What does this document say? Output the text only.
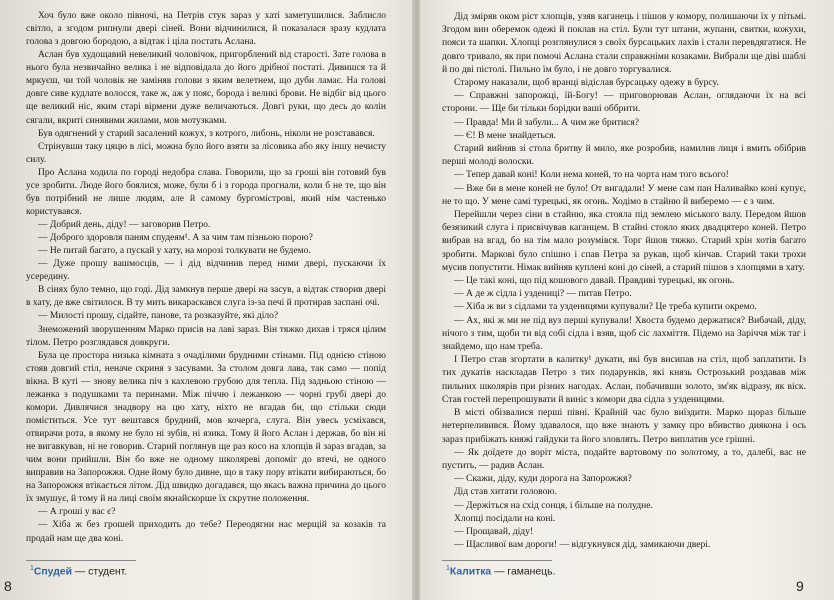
Хоч було вже около півночі, на Петрів стук зараз у хаті заметушилися. Заблисло світло, а згодом рипнули двері сіней. Вони відчинилися, й показалася зразу кудлата голова з довгою бородою, а відтак і ціла постать Аслана.

Аслан був худощавий невеликий чоловічок, пригорблений від старості. Зате голова в нього була незвичайно велика і не відповідала до його дрібної постаті. Дивишся та й мркуєш, чи той чоловік не заміняв голови з яким велетнем, що дуби ламає. На голові довге сиве кудлате волосся, таке ж, аж у пояс, борода і великі брови. Не відбіг від цього ще великий ніс, яким старі вірмени дуже величаються. Довгі руки, що десь до колін сягали, вкриті синявими жилами, мов мотузками.

Був одягнений у старий засалений кожух, з котрого, либонь, ніколи не розставався.

Стрінувши таку цяцю в лісі, можна було його взяти за лісовика або яку іншу нечисту силу.

Про Аслана ходила по городі недобра слава. Говорили, що за гроші він готовий був усе зробити. Люде його боялися, може, були б і з города прогнали, коли б не те, що він був потрібний не лише людям, але й самому бургомістрові, який нім частенько користувався.

— Добрий день, діду! — заговорив Петро.

— Доброго здоровля паням спудеям¹. А за чим там пізньою порою?

— Не питай багато, а пускай у хату, на морозі толкувати не будемо.

— Дуже прошу вашмосців, — і дід відчинив перед ними двері, пускаючи їх усередину.

В сінях було темно, що годі. Дід замкнув перше двері на засув, а відтак створив двері в хату, де вже світилося. В ту мить викараскався слуга із-за печі й протирав заспані очі.

— Милості прошу, сідайте, панове, та розказуйте, які діло?

Знеможений зворушенням Марко присів на лаві зараз. Він тяжко дихав і тряся цілим тілом. Петро розглядався довкруги.

Була це простора низька кімната з очаділими брудними стінами. Під однією стіною стояв довгий стіл, неначе скриня з засувами. За столом довга лава, так само — попід вікна. В куті — знову велика піч з кахлевою грубою для тепла. Під задньою стіною — лежанка з подушками та перинами. Між піччю і лежанкою — чорні грубі двері до комори. Дивлячися знадвору на цю хату, ніхто не вгадав би, що стільки сюди поміститься. Усе тут вештався брудний, мов кочерга, слуга. Він увесь усміхався, отвирачи рота, в якому не було ні зубів, ні язика. Тому й його Аслан і держав, бо він ні не вигавкував, ні не говорив. Старий поглянув ще раз косо на хлопців й зараз вгадав, за чим вони прийшли. Він бо вже не одному школяреві допоміг до втечі, не одного виправив на Запорожжя. Одне йому було дивне, що в таку пору втікати вибираються, бо на Запорожжя втікається літом. Дід швидко догадався, що якась важна причина до цього їх змушує, й тому й на лиці своїм якнайскорше їх скрутне положення.

— А гроші у вас є?

— Хіба ж без грошей приходить до тебе? Переодягни нас мерщій за козаків та продай нам ще два коні.

$^1$Спудей — студент.
8

Дід зміряв оком ріст хлопців, узяв каганець і пішов у комору, полишаючи їх у пітьмі. Згодом вин оберемок одежі й поклав на стіл. Були тут штани, жупани, свитки, кожухи, пояси та шапки. Хлопці розглянулися з своїх бурсацьких лахів і стали перевдягатися. Не довго тривало, як при помочі Аслана стали справжніми козаками. Вибрали ще діві шаблі й по дві пістолі. Пильно їм було, і не довго торгувалися.

Старому наказали, щоб вранці відіслав бурсацьку одежу в бурсу.

— Справжні запорожці, їй-Богу! — приговорював Аслан, оглядаючи їх на всі сторони. — Ще би тільки борідки ваші оббрити.

— Правда! Ми й забули... А чим же бритися?

— Є! В мене знайдеться.

Старий вийняв зі стола бритву й мило, яке розробив, намилив лиця і вмить обібрив перші молоді волоски.

— Тепер давай коні! Коли нема коней, то на чорта нам того всього!

— Вже би в мене коней не було! От вигадали! У мене сам пан Наливайко коні купує, не то що. У мене самі турецькі, як огонь. Ходімо в стайню й виберемо — є з чим.

Перейшли через сіни в стайню, яка стояла під землею міського валу. Передом йшов безязикий слуга і присвічував каганцем. В стайні стояло яких двадцятеро коней. Петро вибрав на вгад, бо на тім мало розумівся. Торг йшов тяжко. Старий хрін хотів багато зробити. Маркові було спішно і спав Петра за рукав, щоб кінчав. Старий таки трохи мусив попустити. Німак вийняв куплені коні до сіней, а старий пішов з хлопцями в хату.

— Це такі коні, що під кошового давай. Правдиві турецькі, як огонь.

— А де ж сідла і уздениці? — питав Петро.

— Хіба ж ви з сідлами та узденицями купували? Це треба купити окремо.

— Ах, які ж ми не під вуз перші купували! Хвоста будемо держатися? Вибачай, діду, нічого з тим, щоби ти від собі сідла і взяв, щоб сіс лахміття. Підемо на Заріччя між таг і знайдемо, що нам треба.

І Петро став згортати в калитку¹ дукати, які був висипав на стіл, щоб заплатити. Із тих дукатів наскладав Петро з тих подарунків, які князь Острозький роздавав між пильних школярів при різних нагодах. Аслан, побачивши золото, зм'як відразу, як віск. Став гостей перепрошувати й виніс з комори два сідла з узденицями.

В місті обізвалися перші півні. Крайній час було виїздити. Марко щораз більше нетерпеливився. Йому здавалося, що вже знають у замку про вбивство дияконa і ось зараз прибіжать княжі гайдуки та його зловлять. Петро виплатив усе грішні.

— Як доїдете до ворiт міста, подайте вартовому по золотому, а то, далебі, вас не пустить, — радив Аслан.

— Скажи, діду, куди дорога на Запорожжя?

Дід став хитати головою.

— Держіться на схід сонця, і більше на полудне.

Хлопці посідали на коні.

— Прощавай, діду!

— Щасливої вам дороги! — відгукнувся дід, замикаючи двері.

$^1$Калитка — гаманець.
9
